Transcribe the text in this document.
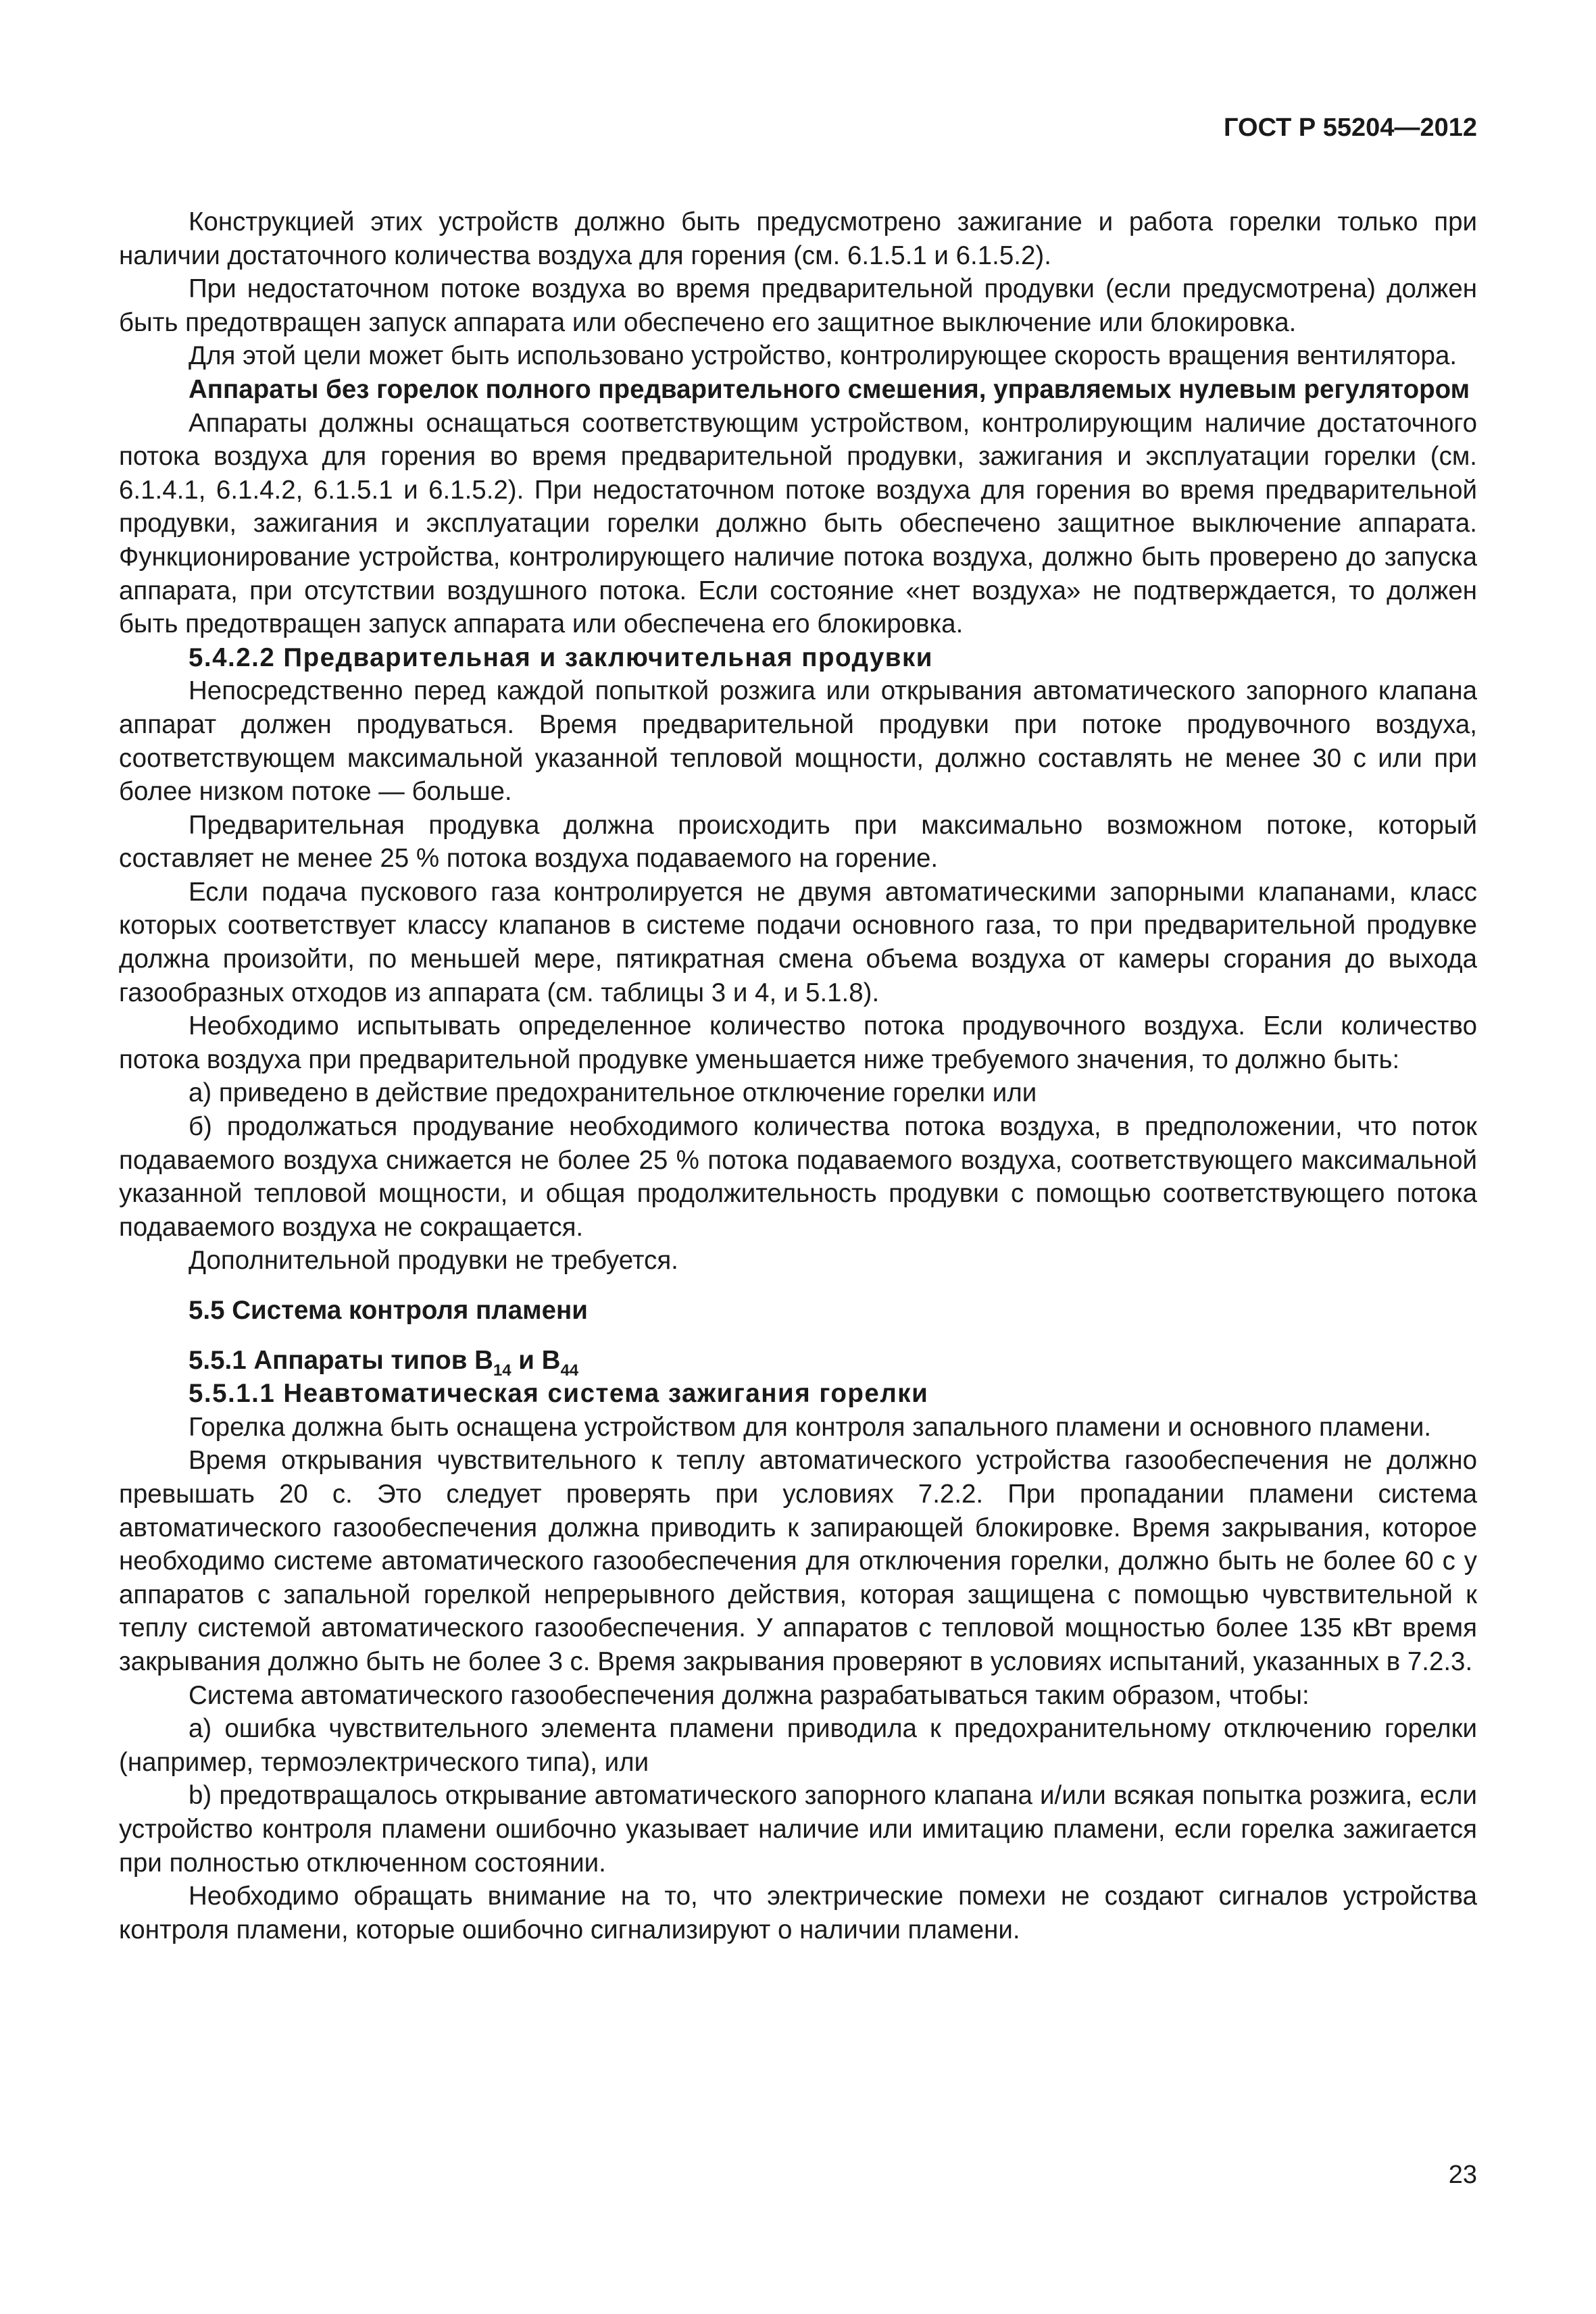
ГОСТ Р 55204—2012

Конструкцией этих устройств должно быть предусмотрено зажигание и работа горелки только при наличии достаточного количества воздуха для горения (см. 6.1.5.1 и 6.1.5.2).

При недостаточном потоке воздуха во время предварительной продувки (если предусмотрена) должен быть предотвращен запуск аппарата или обеспечено его защитное выключение или блокировка.

Для этой цели может быть использовано устройство, контролирующее скорость вращения вентилятора.

Аппараты без горелок полного предварительного смешения, управляемых нулевым регулятором

Аппараты должны оснащаться соответствующим устройством, контролирующим наличие достаточного потока воздуха для горения во время предварительной продувки, зажигания и эксплуатации горелки (см. 6.1.4.1, 6.1.4.2, 6.1.5.1 и 6.1.5.2). При недостаточном потоке воздуха для горения во время предварительной продувки, зажигания и эксплуатации горелки должно быть обеспечено защитное выключение аппарата. Функционирование устройства, контролирующего наличие потока воздуха, должно быть проверено до запуска аппарата, при отсутствии воздушного потока. Если состояние «нет воздуха» не подтверждается, то должен быть предотвращен запуск аппарата или обеспечена его блокировка.

5.4.2.2 Предварительная и заключительная продувки

Непосредственно перед каждой попыткой розжига или открывания автоматического запорного клапана аппарат должен продуваться. Время предварительной продувки при потоке продувочного воздуха, соответствующем максимальной указанной тепловой мощности, должно составлять не менее 30 с или при более низком потоке — больше.

Предварительная продувка должна происходить при максимально возможном потоке, который составляет не менее 25 % потока воздуха подаваемого на горение.

Если подача пускового газа контролируется не двумя автоматическими запорными клапанами, класс которых соответствует классу клапанов в системе подачи основного газа, то при предварительной продувке должна произойти, по меньшей мере, пятикратная смена объема воздуха от камеры сгорания до выхода газообразных отходов из аппарата (см. таблицы 3 и 4, и 5.1.8).

Необходимо испытывать определенное количество потока продувочного воздуха. Если количество потока воздуха при предварительной продувке уменьшается ниже требуемого значения, то должно быть:

а) приведено в действие предохранительное отключение горелки или

б) продолжаться продувание необходимого количества потока воздуха, в предположении, что поток подаваемого воздуха снижается не более 25 % потока подаваемого воздуха, соответствующего максимальной указанной тепловой мощности, и общая продолжительность продувки с помощью соответствующего потока подаваемого воздуха не сокращается.

Дополнительной продувки не требуется.

5.5 Система контроля пламени

5.5.1 Аппараты типов $B_{14}$ и $B_{44}$

5.5.1.1 Неавтоматическая система зажигания горелки

Горелка должна быть оснащена устройством для контроля запального пламени и основного пламени.

Время открывания чувствительного к теплу автоматического устройства газообеспечения не должно превышать 20 с. Это следует проверять при условиях 7.2.2. При пропадании пламени система автоматического газообеспечения должна приводить к запирающей блокировке. Время закрывания, которое необходимо системе автоматического газообеспечения для отключения горелки, должно быть не более 60 с у аппаратов с запальной горелкой непрерывного действия, которая защищена с помощью чувствительной к теплу системой автоматического газообеспечения. У аппаратов с тепловой мощностью более 135 кВт время закрывания должно быть не более 3 с. Время закрывания проверяют в условиях испытаний, указанных в 7.2.3.

Система автоматического газообеспечения должна разрабатываться таким образом, чтобы:

а) ошибка чувствительного элемента пламени приводила к предохранительному отключению горелки (например, термоэлектрического типа), или

b) предотвращалось открывание автоматического запорного клапана и/или всякая попытка розжига, если устройство контроля пламени ошибочно указывает наличие или имитацию пламени, если горелка зажигается при полностью отключенном состоянии.

Необходимо обращать внимание на то, что электрические помехи не создают сигналов устройства контроля пламени, которые ошибочно сигнализируют о наличии пламени.

23
